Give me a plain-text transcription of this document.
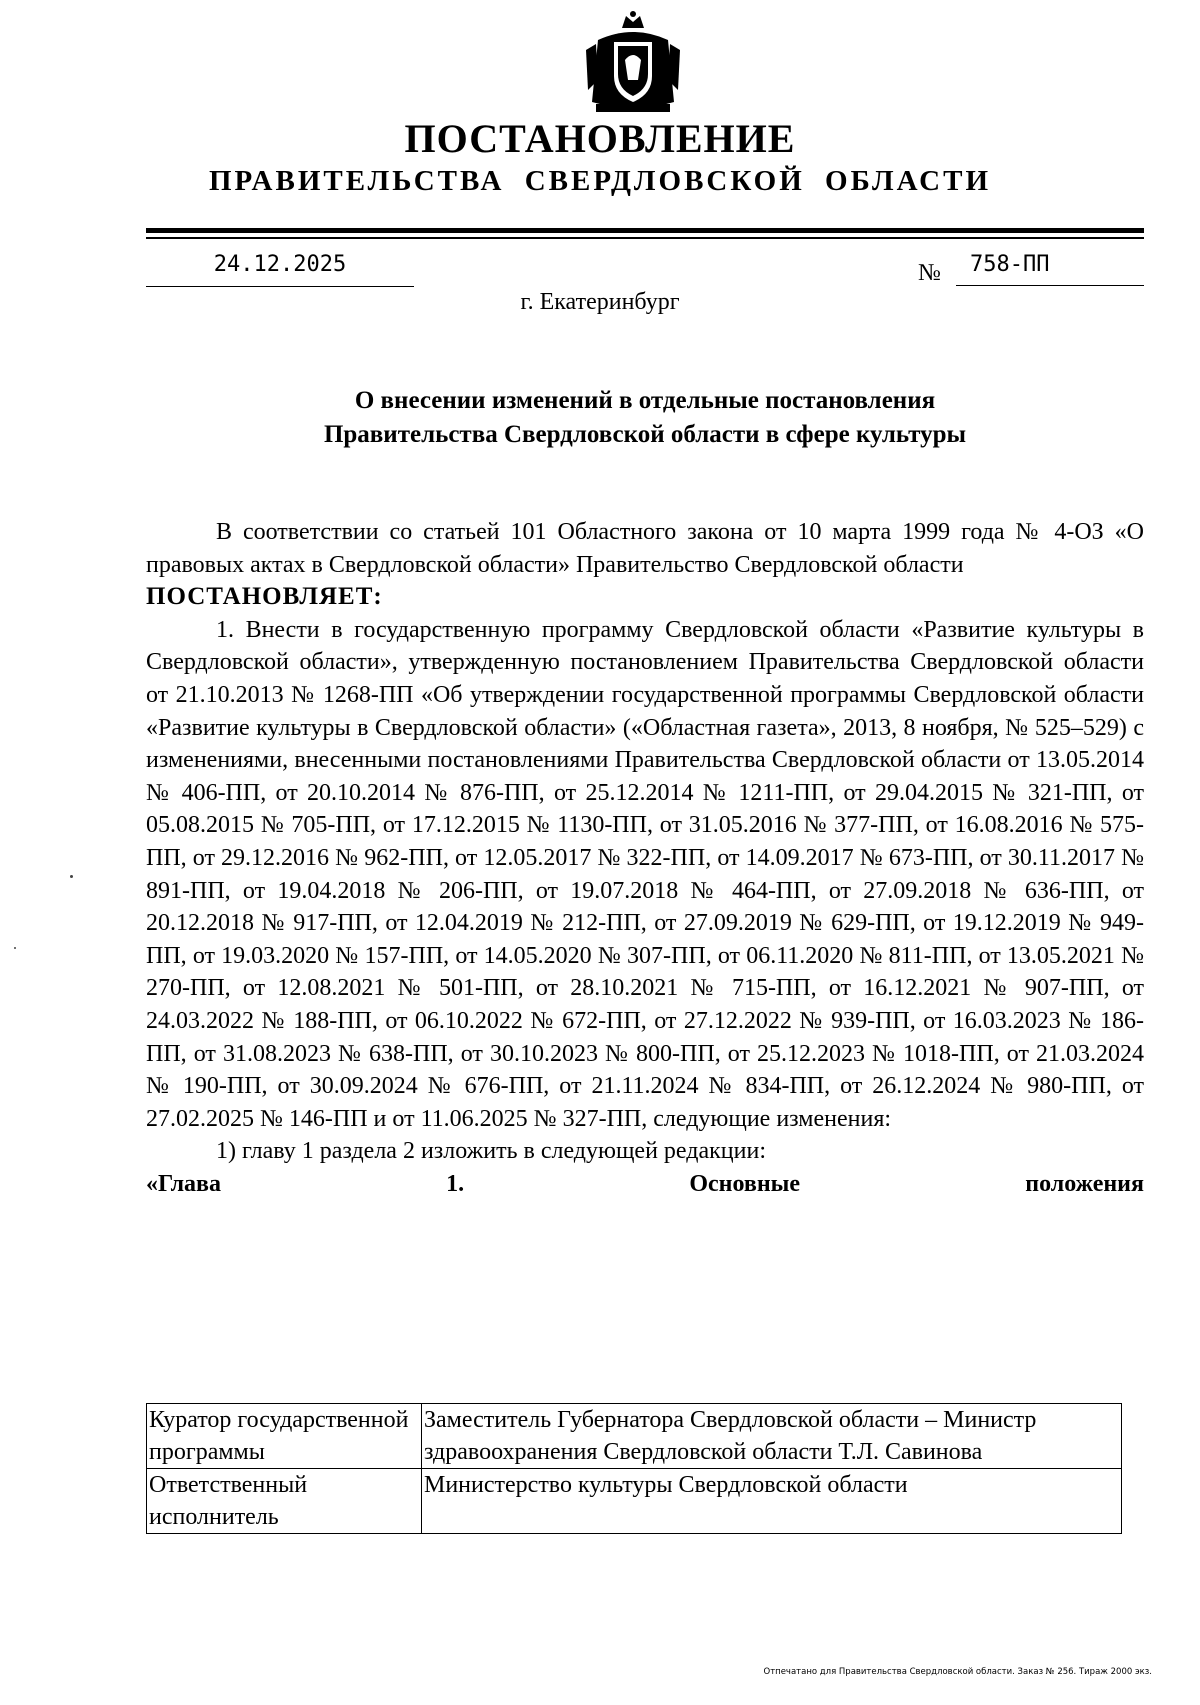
ПОСТАНОВЛЕНИЕ
ПРАВИТЕЛЬСТВА СВЕРДЛОВСКОЙ ОБЛАСТИ
24.12.2025	№	758-ПП
г. Екатеринбург
О внесении изменений в отдельные постановления
Правительства Свердловской области в сфере культуры

В соответствии со статьей 101 Областного закона от 10 марта 1999 года № 4-ОЗ «О правовых актах в Свердловской области» Правительство Свердловской области

ПОСТАНОВЛЯЕТ:

1. Внести в государственную программу Свердловской области «Развитие культуры в Свердловской области», утвержденную постановлением Правительства Свердловской области от 21.10.2013 № 1268-ПП «Об утверждении государственной программы Свердловской области «Развитие культуры в Свердловской области» («Областная газета», 2013, 8 ноября, № 525–529) с изменениями, внесенными постановлениями Правительства Свердловской области от 13.05.2014 № 406-ПП, от 20.10.2014 № 876-ПП, от 25.12.2014 № 1211-ПП, от 29.04.2015 № 321-ПП, от 05.08.2015 № 705-ПП, от 17.12.2015 № 1130-ПП, от 31.05.2016 № 377-ПП, от 16.08.2016 № 575-ПП, от 29.12.2016 № 962-ПП, от 12.05.2017 № 322-ПП, от 14.09.2017 № 673-ПП, от 30.11.2017 № 891-ПП, от 19.04.2018 № 206-ПП, от 19.07.2018 № 464-ПП, от 27.09.2018 № 636-ПП, от 20.12.2018 № 917-ПП, от 12.04.2019 № 212-ПП, от 27.09.2019 № 629-ПП, от 19.12.2019 № 949-ПП, от 19.03.2020 № 157-ПП, от 14.05.2020 № 307-ПП, от 06.11.2020 № 811-ПП, от 13.05.2021 № 270-ПП, от 12.08.2021 № 501-ПП, от 28.10.2021 № 715-ПП, от 16.12.2021 № 907-ПП, от 24.03.2022 № 188-ПП, от 06.10.2022 № 672-ПП, от 27.12.2022 № 939-ПП, от 16.03.2023 № 186-ПП, от 31.08.2023 № 638-ПП, от 30.10.2023 № 800-ПП, от 25.12.2023 № 1018-ПП, от 21.03.2024 № 190-ПП, от 30.09.2024 № 676-ПП, от 21.11.2024 № 834-ПП, от 26.12.2024 № 980-ПП, от 27.02.2025 № 146-ПП и от 11.06.2025 № 327-ПП, следующие изменения:

1) главу 1 раздела 2 изложить в следующей редакции:

«Глава 1. Основные положения

Куратор государственной программы	Заместитель Губернатора Свердловской области – Министр здравоохранения Свердловской области Т.Л. Савинова
Ответственный исполнитель	Министерство культуры Свердловской области
Отпечатано для Правительства Свердловской области. Заказ № 256. Тираж 2000 экз.
